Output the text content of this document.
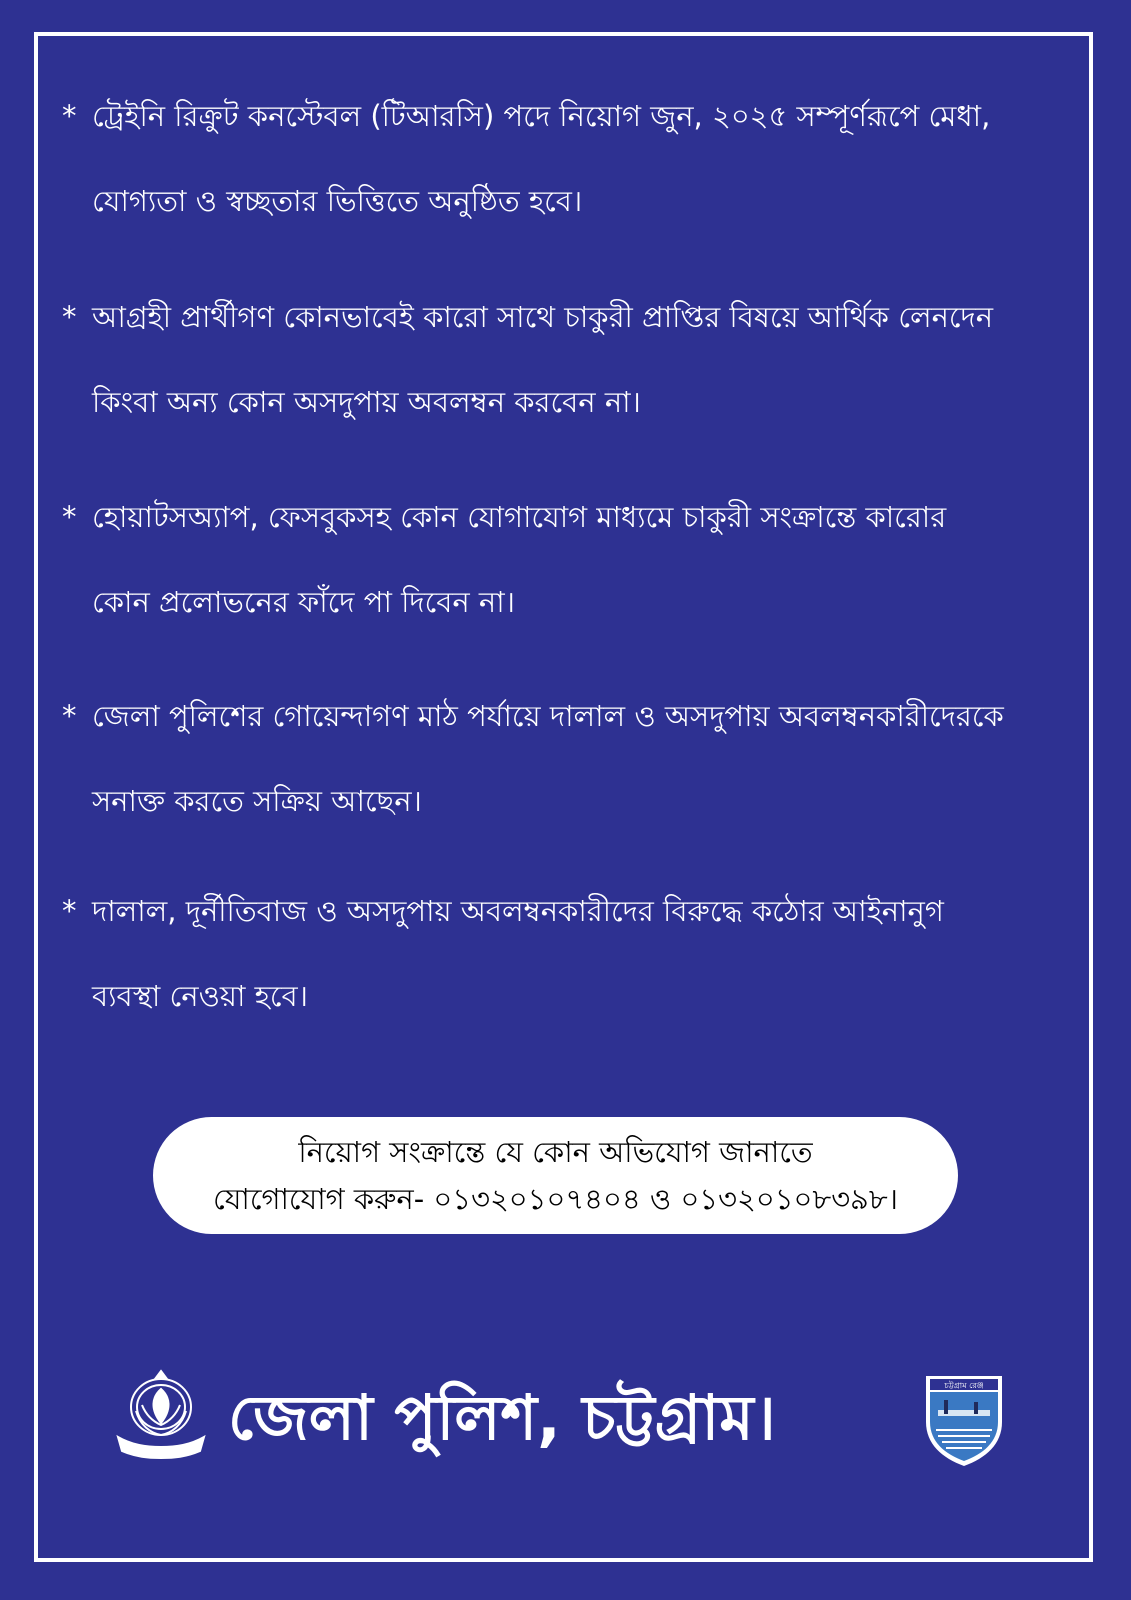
* ট্রেইনি রিক্রুট কনস্টেবল (টিআরসি) পদে নিয়োগ জুন, ২০২৫ সম্পূর্ণরূপে মেধা,
যোগ্যতা ও স্বচ্ছতার ভিত্তিতে অনুষ্ঠিত হবে।
* আগ্রহী প্রার্থীগণ কোনভাবেই কারো সাথে চাকুরী প্রাপ্তির বিষয়ে আর্থিক লেনদেন
কিংবা অন্য কোন অসদুপায় অবলম্বন করবেন না।
* হোয়াটসঅ্যাপ, ফেসবুকসহ কোন যোগাযোগ মাধ্যমে চাকুরী সংক্রান্তে কারোর
কোন প্রলোভনের ফাঁদে পা দিবেন না।
* জেলা পুলিশের গোয়েন্দাগণ মাঠ পর্যায়ে দালাল ও অসদুপায় অবলম্বনকারীদেরকে
সনাক্ত করতে সক্রিয় আছেন।
* দালাল, দূর্নীতিবাজ ও অসদুপায় অবলম্বনকারীদের বিরুদ্ধে কঠোর আইনানুগ
ব্যবস্থা নেওয়া হবে।
নিয়োগ সংক্রান্তে যে কোন অভিযোগ জানাতে
যোগোযোগ করুন- ০১৩২০১০৭৪০৪ ও ০১৩২০১০৮৩৯৮।
জেলা পুলিশ, চট্টগ্রাম।	চট্টগ্রাম রেঞ্জ
